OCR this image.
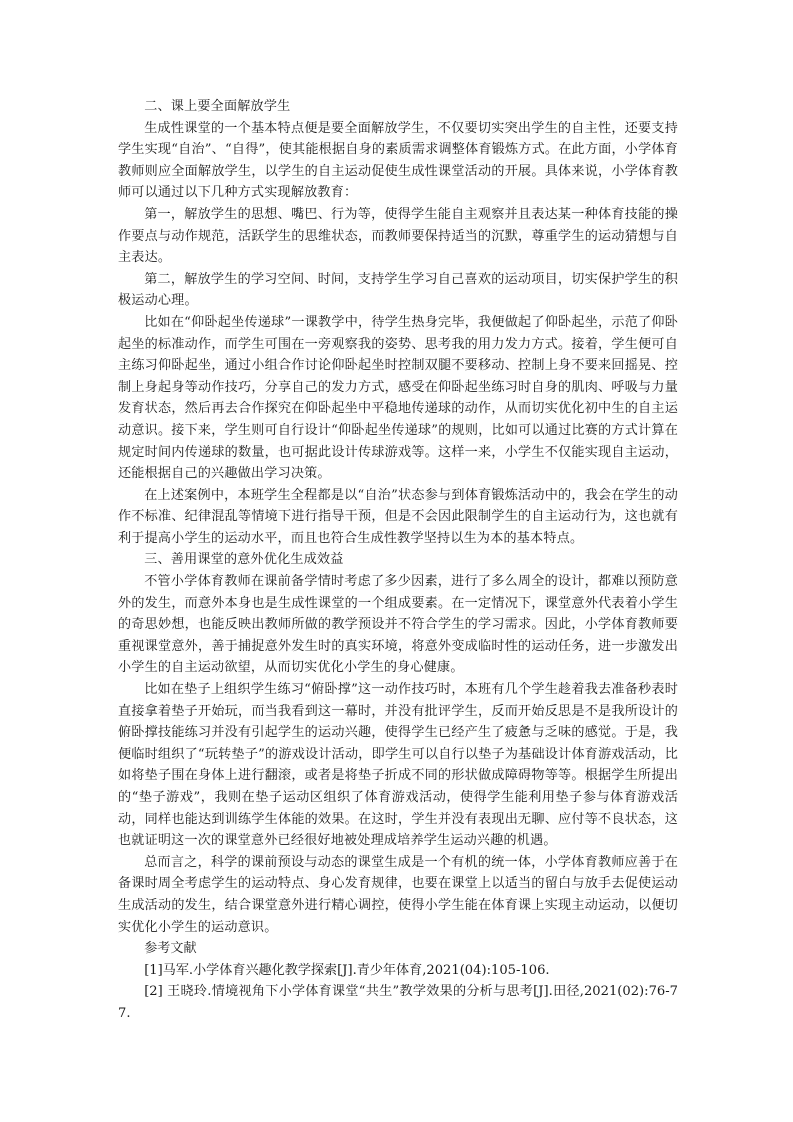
二、课上要全面解放学生

生成性课堂的一个基本特点便是要全面解放学生，不仅要切实突出学生的自主性，还要支持学生实现“自治”、“自得”，使其能根据自身的素质需求调整体育锻炼方式。在此方面，小学体育教师则应全面解放学生，以学生的自主运动促使生成性课堂活动的开展。具体来说，小学体育教师可以通过以下几种方式实现解放教育：

第一，解放学生的思想、嘴巴、行为等，使得学生能自主观察并且表达某一种体育技能的操作要点与动作规范，活跃学生的思维状态，而教师要保持适当的沉默，尊重学生的运动猜想与自主表达。

第二，解放学生的学习空间、时间，支持学生学习自己喜欢的运动项目，切实保护学生的积极运动心理。

比如在“仰卧起坐传递球”一课教学中，待学生热身完毕，我便做起了仰卧起坐，示范了仰卧起坐的标准动作，而学生可围在一旁观察我的姿势、思考我的用力发力方式。接着，学生便可自主练习仰卧起坐，通过小组合作讨论仰卧起坐时控制双腿不要移动、控制上身不要来回摇晃、控制上身起身等动作技巧，分享自己的发力方式，感受在仰卧起坐练习时自身的肌肉、呼吸与力量发育状态，然后再去合作探究在仰卧起坐中平稳地传递球的动作，从而切实优化初中生的自主运动意识。接下来，学生则可自行设计“仰卧起坐传递球”的规则，比如可以通过比赛的方式计算在规定时间内传递球的数量，也可据此设计传球游戏等。这样一来，小学生不仅能实现自主运动，还能根据自己的兴趣做出学习决策。

在上述案例中，本班学生全程都是以“自治”状态参与到体育锻炼活动中的，我会在学生的动作不标准、纪律混乱等情境下进行指导干预，但是不会因此限制学生的自主运动行为，这也就有利于提高小学生的运动水平，而且也符合生成性教学坚持以生为本的基本特点。

三、善用课堂的意外优化生成效益

不管小学体育教师在课前备学情时考虑了多少因素，进行了多么周全的设计，都难以预防意外的发生，而意外本身也是生成性课堂的一个组成要素。在一定情况下，课堂意外代表着小学生的奇思妙想，也能反映出教师所做的教学预设并不符合学生的学习需求。因此，小学体育教师要重视课堂意外，善于捕捉意外发生时的真实环境，将意外变成临时性的运动任务，进一步激发出小学生的自主运动欲望，从而切实优化小学生的身心健康。

比如在垫子上组织学生练习“俯卧撑”这一动作技巧时，本班有几个学生趁着我去准备秒表时直接拿着垫子开始玩，而当我看到这一幕时，并没有批评学生，反而开始反思是不是我所设计的俯卧撑技能练习并没有引起学生的运动兴趣，使得学生已经产生了疲惫与乏味的感觉。于是，我便临时组织了“玩转垫子”的游戏设计活动，即学生可以自行以垫子为基础设计体育游戏活动，比如将垫子围在身体上进行翻滚，或者是将垫子折成不同的形状做成障碍物等等。根据学生所提出的“垫子游戏”，我则在垫子运动区组织了体育游戏活动，使得学生能利用垫子参与体育游戏活动，同样也能达到训练学生体能的效果。在这时，学生并没有表现出无聊、应付等不良状态，这也就证明这一次的课堂意外已经很好地被处理成培养学生运动兴趣的机遇。

总而言之，科学的课前预设与动态的课堂生成是一个有机的统一体，小学体育教师应善于在备课时周全考虑学生的运动特点、身心发育规律，也要在课堂上以适当的留白与放手去促使运动生成活动的发生，结合课堂意外进行精心调控，使得小学生能在体育课上实现主动运动，以便切实优化小学生的运动意识。

参考文献

[1]马军.小学体育兴趣化教学探索[J].青少年体育,2021(04):105-106.

[2] 王晓玲.情境视角下小学体育课堂“共生”教学效果的分析与思考[J].田径,2021(02):76-77.
